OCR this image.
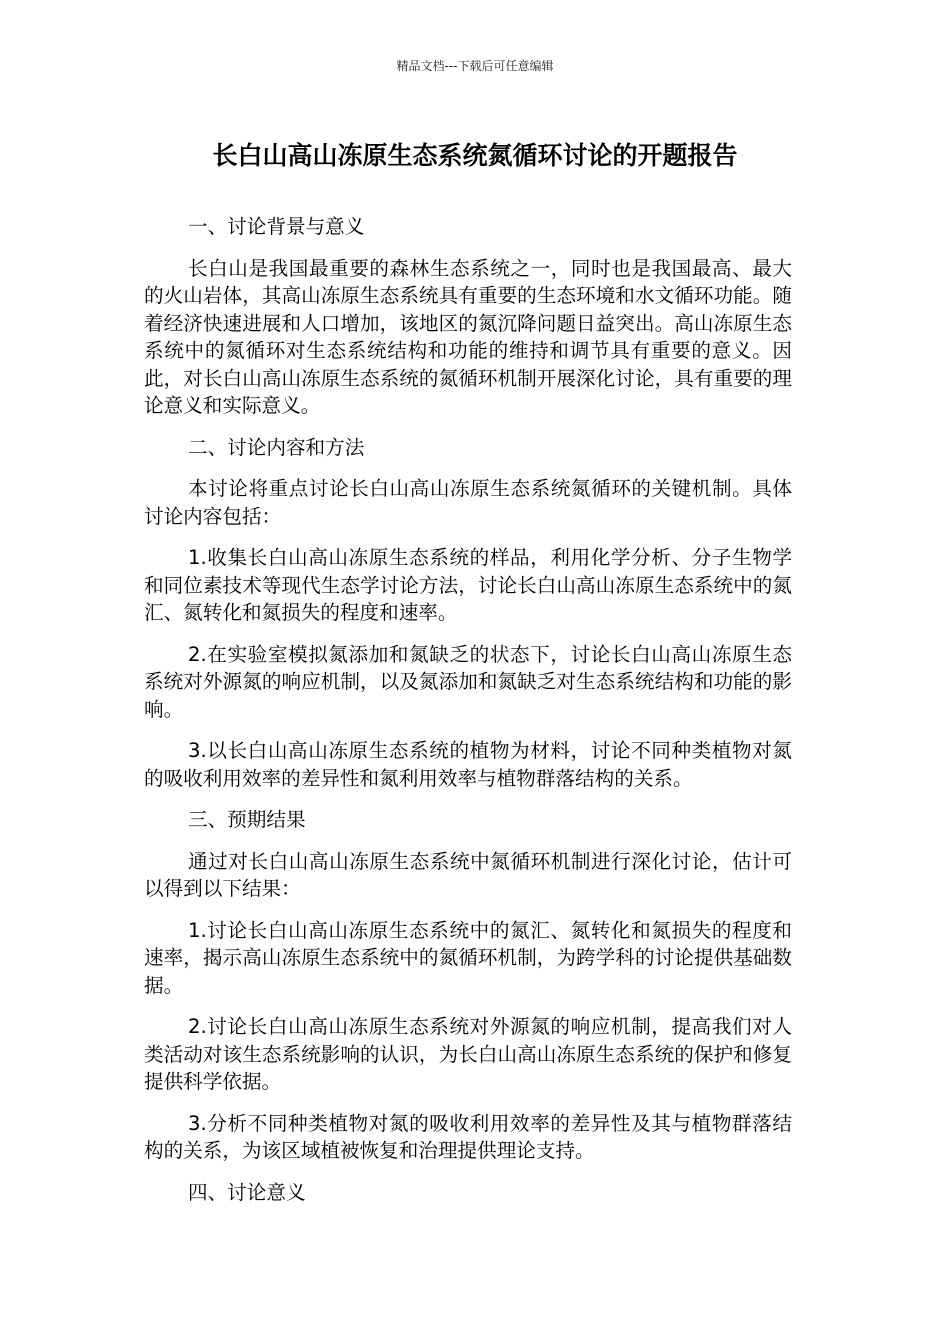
精品文档---下载后可任意编辑
长白山高山冻原生态系统氮循环讨论的开题报告

一、讨论背景与意义

长白山是我国最重要的森林生态系统之一，同时也是我国最高、最大的火山岩体，其高山冻原生态系统具有重要的生态环境和水文循环功能。随着经济快速进展和人口增加，该地区的氮沉降问题日益突出。高山冻原生态系统中的氮循环对生态系统结构和功能的维持和调节具有重要的意义。因此，对长白山高山冻原生态系统的氮循环机制开展深化讨论，具有重要的理论意义和实际意义。

二、讨论内容和方法

本讨论将重点讨论长白山高山冻原生态系统氮循环的关键机制。具体讨论内容包括：

1.收集长白山高山冻原生态系统的样品，利用化学分析、分子生物学和同位素技术等现代生态学讨论方法，讨论长白山高山冻原生态系统中的氮汇、氮转化和氮损失的程度和速率。

2.在实验室模拟氮添加和氮缺乏的状态下，讨论长白山高山冻原生态系统对外源氮的响应机制，以及氮添加和氮缺乏对生态系统结构和功能的影响。

3.以长白山高山冻原生态系统的植物为材料，讨论不同种类植物对氮的吸收利用效率的差异性和氮利用效率与植物群落结构的关系。

三、预期结果

通过对长白山高山冻原生态系统中氮循环机制进行深化讨论，估计可以得到以下结果：

1.讨论长白山高山冻原生态系统中的氮汇、氮转化和氮损失的程度和速率，揭示高山冻原生态系统中的氮循环机制，为跨学科的讨论提供基础数据。

2.讨论长白山高山冻原生态系统对外源氮的响应机制，提高我们对人类活动对该生态系统影响的认识，为长白山高山冻原生态系统的保护和修复提供科学依据。

3.分析不同种类植物对氮的吸收利用效率的差异性及其与植物群落结构的关系，为该区域植被恢复和治理提供理论支持。

四、讨论意义
